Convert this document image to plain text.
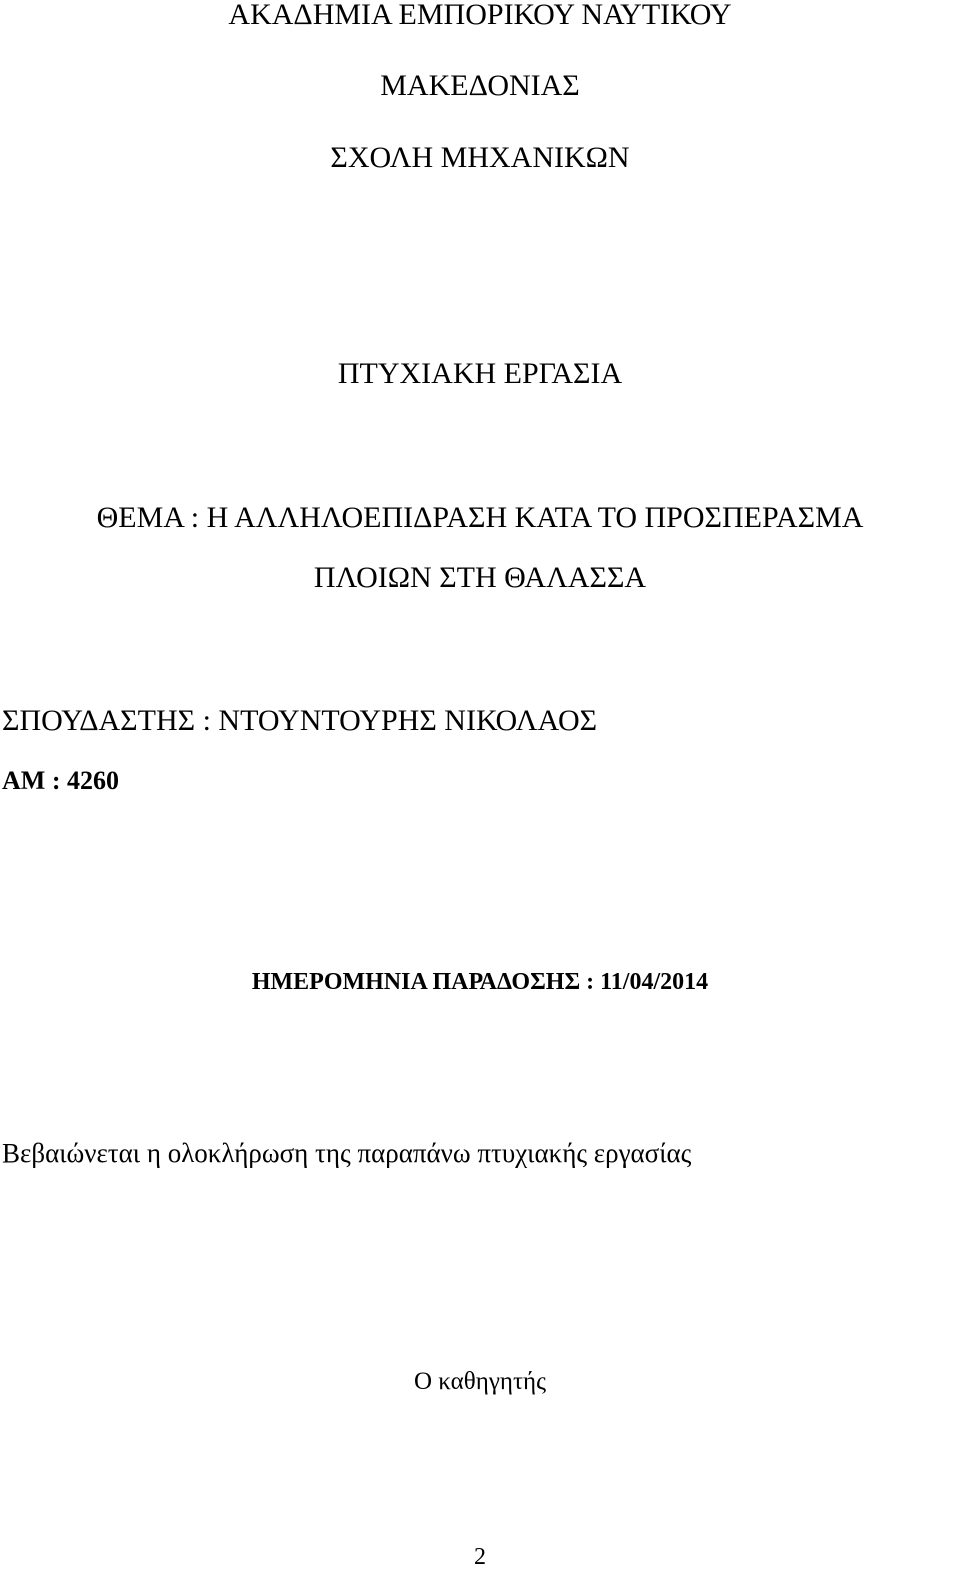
ΑΚΑΔΗΜΙΑ ΕΜΠΟΡΙΚΟΥ ΝΑΥΤΙΚΟΥ
ΜΑΚΕΔΟΝΙΑΣ
ΣΧΟΛΗ ΜΗΧΑΝΙΚΩΝ
ΠΤΥΧΙΑΚΗ ΕΡΓΑΣΙΑ
ΘΕΜΑ : Η ΑΛΛΗΛΟΕΠΙΔΡΑΣΗ ΚΑΤΑ ΤΟ ΠΡΟΣΠΕΡΑΣΜΑ
ΠΛΟΙΩΝ ΣΤΗ ΘΑΛΑΣΣΑ
ΣΠΟΥΔΑΣΤΗΣ : ΝΤΟΥΝΤΟΥΡΗΣ ΝΙΚΟΛΑΟΣ
ΑΜ : 4260
ΗΜΕΡΟΜΗΝΙΑ ΠΑΡΑΔΟΣΗΣ : 11/04/2014
Βεβαιώνεται η ολοκλήρωση της παραπάνω πτυχιακής εργασίας
Ο καθηγητής
2
